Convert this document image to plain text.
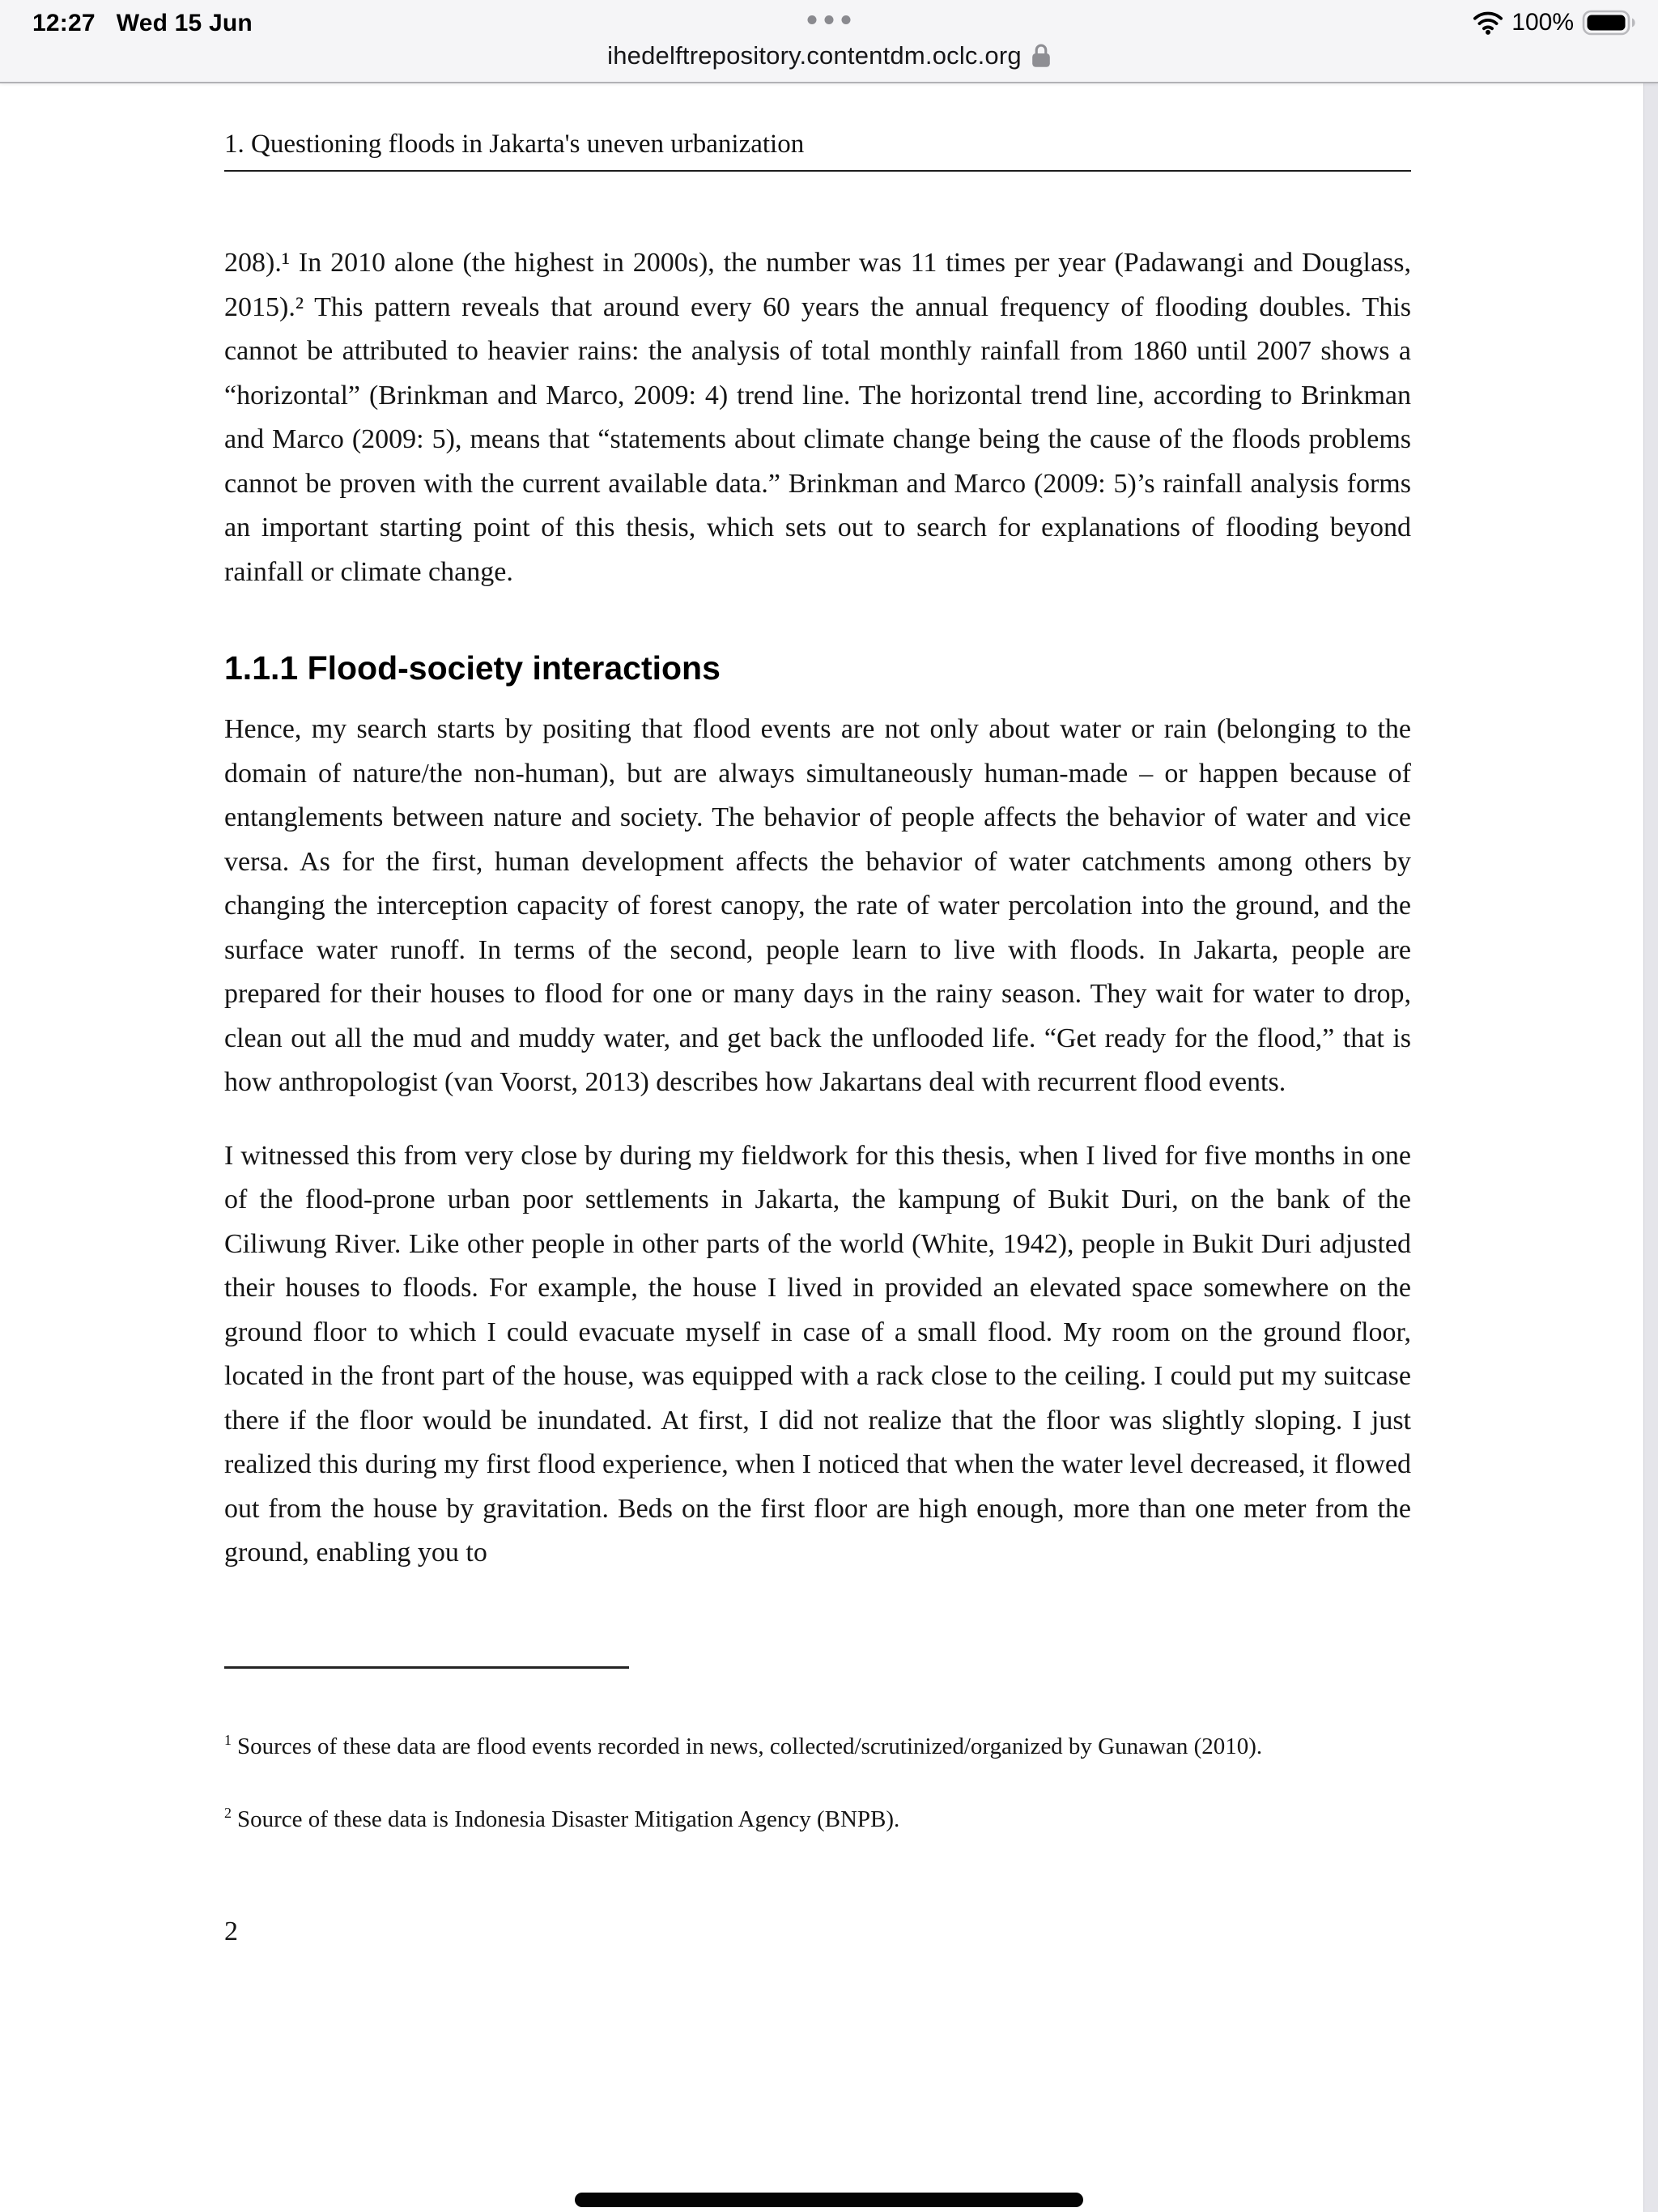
12:27 Wed 15 Jun	100%
ihedelftrepository.contentdm.oclc.org
1. Questioning floods in Jakarta's uneven urbanization

208).¹ In 2010 alone (the highest in 2000s), the number was 11 times per year (Padawangi and Douglass, 2015).² This pattern reveals that around every 60 years the annual frequency of flooding doubles. This cannot be attributed to heavier rains: the analysis of total monthly rainfall from 1860 until 2007 shows a “horizontal” (Brinkman and Marco, 2009: 4) trend line. The horizontal trend line, according to Brinkman and Marco (2009: 5), means that “statements about climate change being the cause of the floods problems cannot be proven with the current available data.” Brinkman and Marco (2009: 5)’s rainfall analysis forms an important starting point of this thesis, which sets out to search for explanations of flooding beyond rainfall or climate change.

1.1.1 Flood-society interactions

Hence, my search starts by positing that flood events are not only about water or rain (belonging to the domain of nature/the non-human), but are always simultaneously human-made – or happen because of entanglements between nature and society. The behavior of people affects the behavior of water and vice versa. As for the first, human development affects the behavior of water catchments among others by changing the interception capacity of forest canopy, the rate of water percolation into the ground, and the surface water runoff. In terms of the second, people learn to live with floods. In Jakarta, people are prepared for their houses to flood for one or many days in the rainy season. They wait for water to drop, clean out all the mud and muddy water, and get back the unflooded life. “Get ready for the flood,” that is how anthropologist (van Voorst, 2013) describes how Jakartans deal with recurrent flood events.

I witnessed this from very close by during my fieldwork for this thesis, when I lived for five months in one of the flood-prone urban poor settlements in Jakarta, the kampung of Bukit Duri, on the bank of the Ciliwung River. Like other people in other parts of the world (White, 1942), people in Bukit Duri adjusted their houses to floods. For example, the house I lived in provided an elevated space somewhere on the ground floor to which I could evacuate myself in case of a small flood. My room on the ground floor, located in the front part of the house, was equipped with a rack close to the ceiling. I could put my suitcase there if the floor would be inundated. At first, I did not realize that the floor was slightly sloping. I just realized this during my first flood experience, when I noticed that when the water level decreased, it flowed out from the house by gravitation. Beds on the first floor are high enough, more than one meter from the ground, enabling you to

$^1$ Sources of these data are flood events recorded in news, collected/scrutinized/organized by Gunawan (2010).

$^2$ Source of these data is Indonesia Disaster Mitigation Agency (BNPB).

2
